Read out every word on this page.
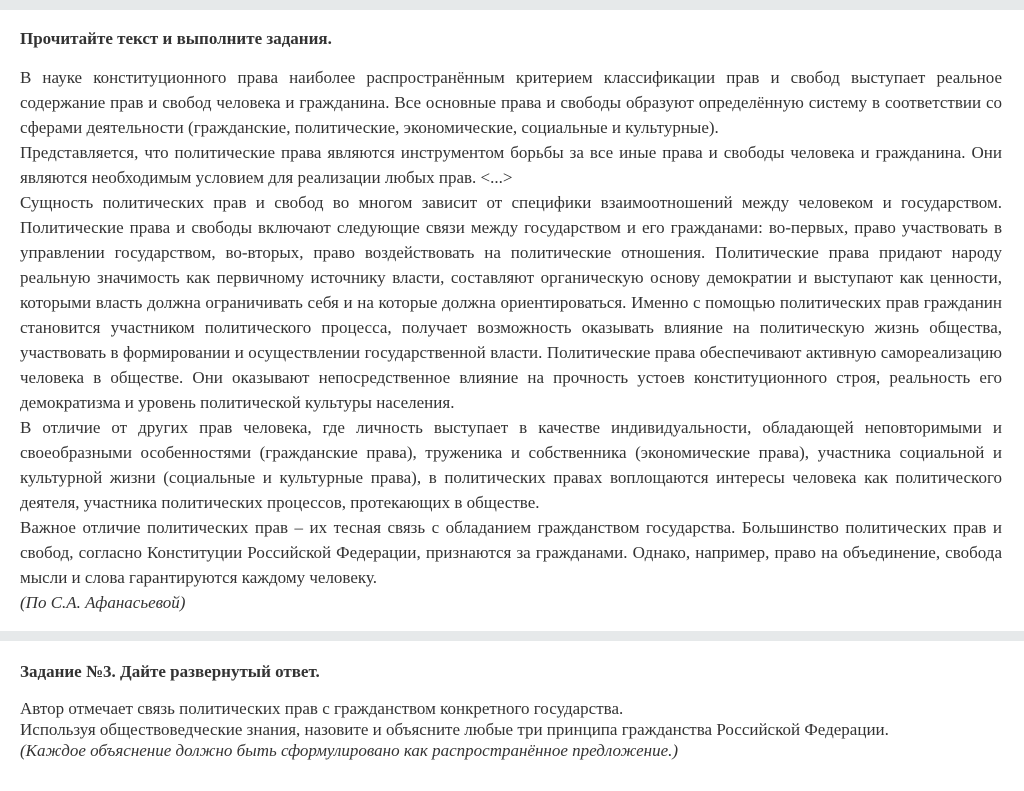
Прочитайте текст и выполните задания.

В науке конституционного права наиболее распространённым критерием классификации прав и свобод выступает реальное содержание прав и свобод человека и гражданина. Все основные права и свободы образуют определённую систему в соответствии со сферами деятельности (гражданские, политические, экономические, социальные и культурные).

Представляется, что политические права являются инструментом борьбы за все иные права и свободы человека и гражданина. Они являются необходимым условием для реализации любых прав. <...>

Сущность политических прав и свобод во многом зависит от специфики взаимоотношений между человеком и государством. Политические права и свободы включают следующие связи между государством и его гражданами: во-первых, право участвовать в управлении государством, во-вторых, право воздействовать на политические отношения. Политические права придают народу реальную значимость как первичному источнику власти, составляют органическую основу демократии и выступают как ценности, которыми власть должна ограничивать себя и на которые должна ориентироваться. Именно с помощью политических прав гражданин становится участником политического процесса, получает возможность оказывать влияние на политическую жизнь общества, участвовать в формировании и осуществлении государственной власти. Политические права обеспечивают активную самореализацию человека в обществе. Они оказывают непосредственное влияние на прочность устоев конституционного строя, реальность его демократизма и уровень политической культуры населения.

В отличие от других прав человека, где личность выступает в качестве индивидуальности, обладающей неповторимыми и своеобразными особенностями (гражданские права), труженика и собственника (экономические права), участника социальной и культурной жизни (социальные и культурные права), в политических правах воплощаются интересы человека как политического деятеля, участника политических процессов, протекающих в обществе.

Важное отличие политических прав – их тесная связь с обладанием гражданством государства. Большинство политических прав и свобод, согласно Конституции Российской Федерации, признаются за гражданами. Однако, например, право на объединение, свобода мысли и слова гарантируются каждому человеку.

(По С.А. Афанасьевой)

Задание №3. Дайте развернутый ответ.

Автор отмечает связь политических прав с гражданством конкретного государства.

Используя обществоведческие знания, назовите и объясните любые три принципа гражданства Российской Федерации.

(Каждое объяснение должно быть сформулировано как распространённое предложение.)
